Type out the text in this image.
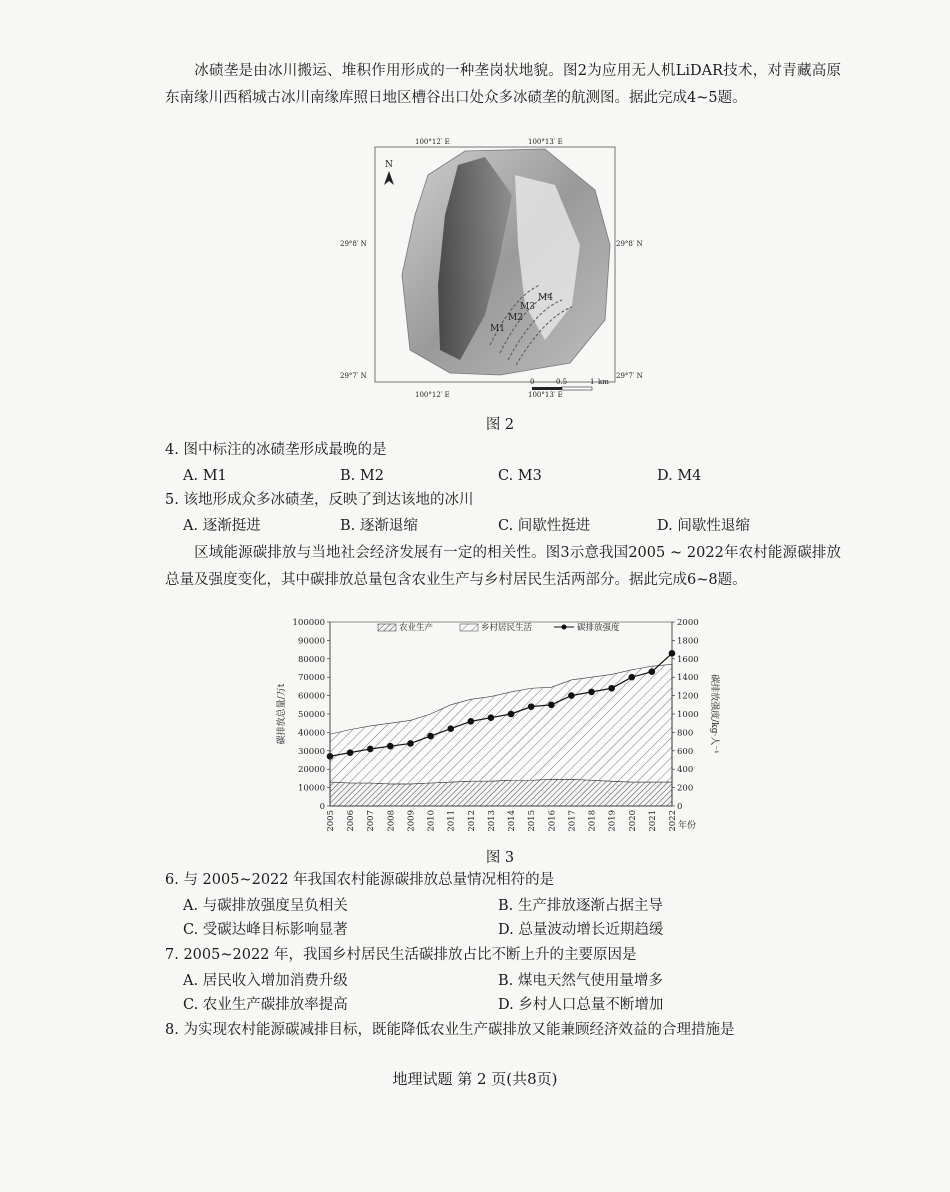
冰碛垄是由冰川搬运、堆积作用形成的一种垄岗状地貌。图2为应用无人机LiDAR技术，对青藏高原东南缘川西稻城古冰川南缘库照日地区槽谷出口处众多冰碛垄的航测图。据此完成4~5题。
M1
M2
M3
M4
N
100°12′ E	100°13′ E
100°12′ E	100°13′ E
29°8′ N	29°8′ N
29°7′ N	29°7′ N
0	0.5	1 km
图 2
4. 图中标注的冰碛垄形成最晚的是
A. M1	B. M2	C. M3	D. M4
5. 该地形成众多冰碛垄，反映了到达该地的冰川
A. 逐渐挺进	B. 逐渐退缩	C. 间歇性挺进	D. 间歇性退缩
区域能源碳排放与当地社会经济发展有一定的相关性。图3示意我国2005 ~ 2022年农村能源碳排放总量及强度变化，其中碳排放总量包含农业生产与乡村居民生活两部分。据此完成6~8题。
0
10000
20000
30000
40000
50000
60000
70000
80000
90000
100000
0
200
400
600
800
1000
1200
1400
1600
1800
2000
2005 2006 2007 2008 2009 2010 2011 2012 2013 2014 2015 2016 2017 2018 2019 2020 2021 2022 年份
碳排放总量/万t	碳排放强度/kg·人⁻¹
农业生产	乡村居民生活	碳排放强度
图 3
6. 与 2005~2022 年我国农村能源碳排放总量情况相符的是
A. 与碳排放强度呈负相关	B. 生产排放逐渐占据主导
C. 受碳达峰目标影响显著	D. 总量波动增长近期趋缓
7. 2005~2022 年，我国乡村居民生活碳排放占比不断上升的主要原因是
A. 居民收入增加消费升级	B. 煤电天然气使用量增多
C. 农业生产碳排放率提高	D. 乡村人口总量不断增加
8. 为实现农村能源碳减排目标，既能降低农业生产碳排放又能兼顾经济效益的合理措施是
地理试题 第 2 页(共8页)
